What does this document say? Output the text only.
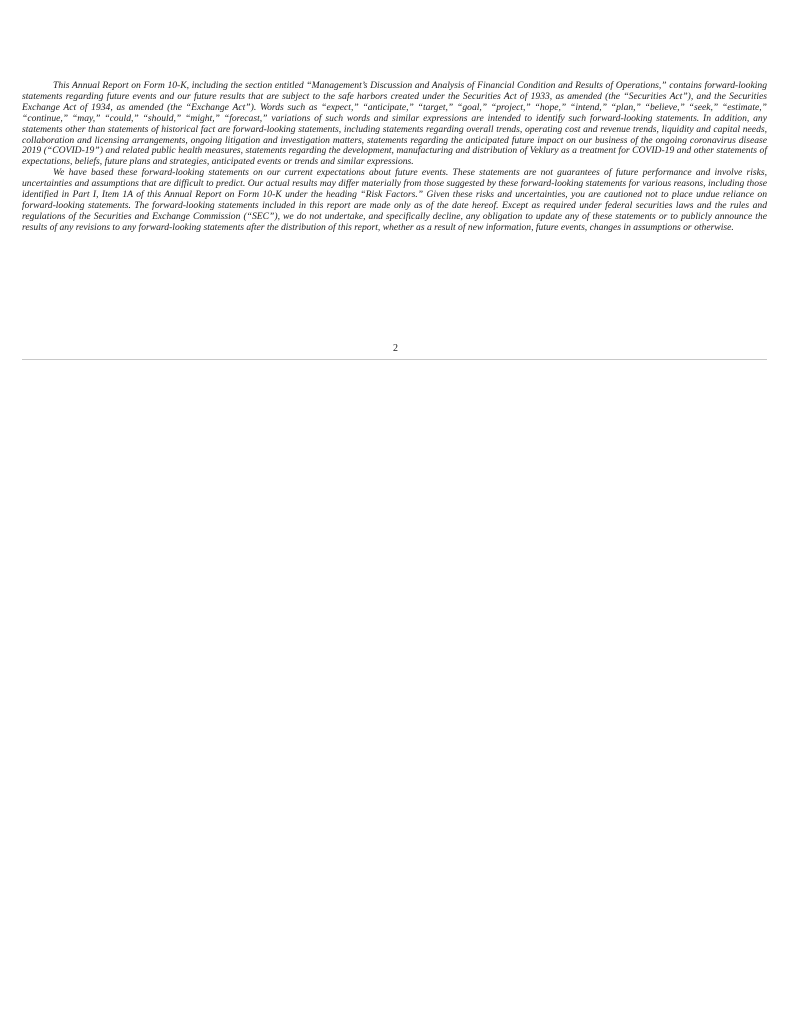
This Annual Report on Form 10-K, including the section entitled “Management’s Discussion and Analysis of Financial Condition and Results of Operations,” contains forward-looking statements regarding future events and our future results that are subject to the safe harbors created under the Securities Act of 1933, as amended (the “Securities Act”), and the Securities Exchange Act of 1934, as amended (the “Exchange Act”). Words such as “expect,” “anticipate,” “target,” “goal,” “project,” “hope,” “intend,” “plan,” “believe,” “seek,” “estimate,” “continue,” “may,” “could,” “should,” “might,” “forecast,” variations of such words and similar expressions are intended to identify such forward-looking statements. In addition, any statements other than statements of historical fact are forward-looking statements, including statements regarding overall trends, operating cost and revenue trends, liquidity and capital needs, collaboration and licensing arrangements, ongoing litigation and investigation matters, statements regarding the anticipated future impact on our business of the ongoing coronavirus disease 2019 (“COVID-19”) and related public health measures, statements regarding the development, manufacturing and distribution of Veklury as a treatment for COVID-19 and other statements of expectations, beliefs, future plans and strategies, anticipated events or trends and similar expressions.

We have based these forward-looking statements on our current expectations about future events. These statements are not guarantees of future performance and involve risks, uncertainties and assumptions that are difficult to predict. Our actual results may differ materially from those suggested by these forward-looking statements for various reasons, including those identified in Part I, Item 1A of this Annual Report on Form 10-K under the heading “Risk Factors.” Given these risks and uncertainties, you are cautioned not to place undue reliance on forward-looking statements. The forward-looking statements included in this report are made only as of the date hereof. Except as required under federal securities laws and the rules and regulations of the Securities and Exchange Commission (“SEC”), we do not undertake, and specifically decline, any obligation to update any of these statements or to publicly announce the results of any revisions to any forward-looking statements after the distribution of this report, whether as a result of new information, future events, changes in assumptions or otherwise.

2
